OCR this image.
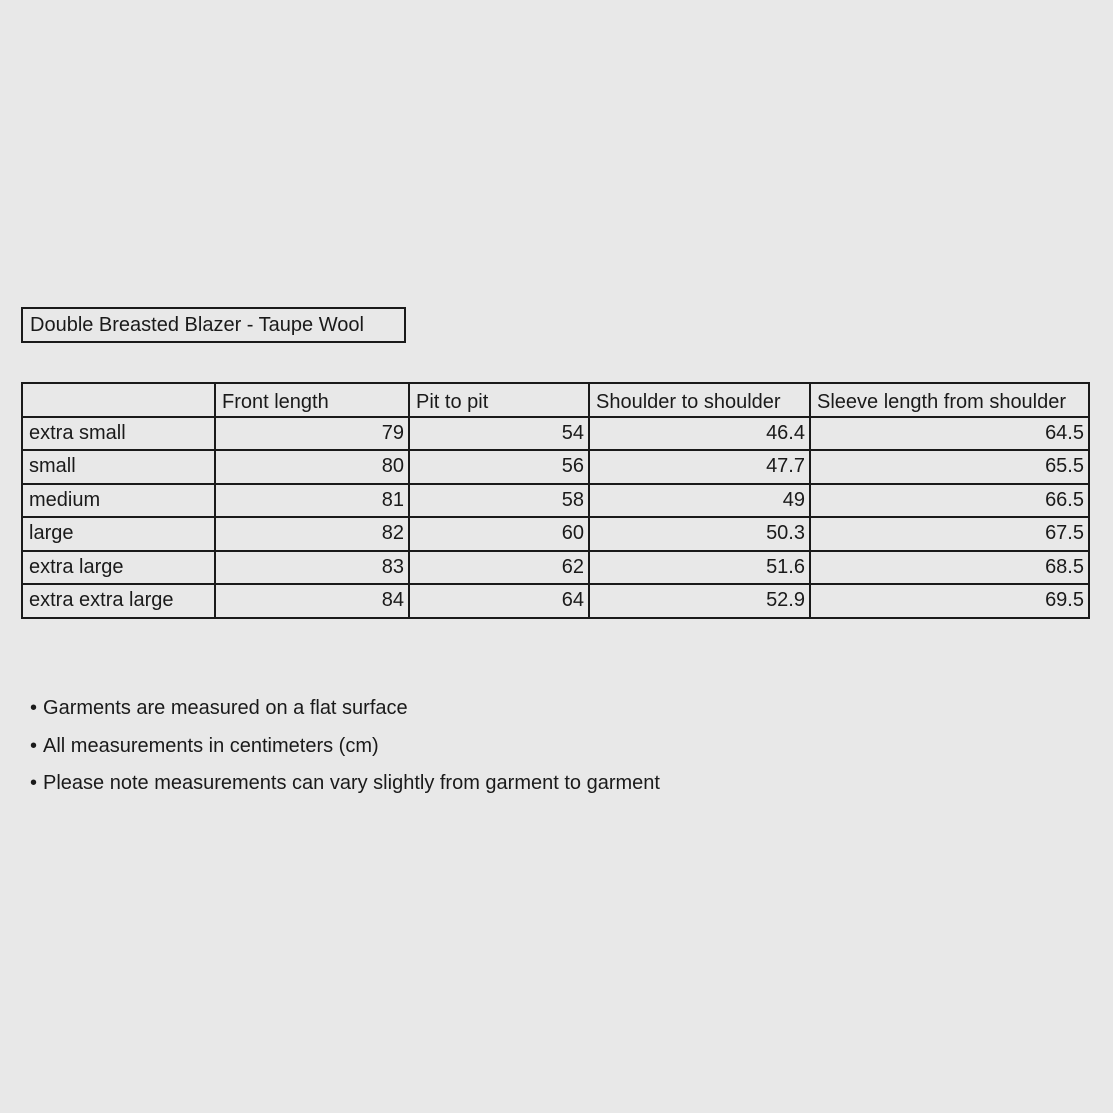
Double Breasted Blazer - Taupe Wool
	Front length	Pit to pit	Shoulder to shoulder	Sleeve length from shoulder
extra small	79	54	46.4	64.5
small	80	56	47.7	65.5
medium	81	58	49	66.5
large	82	60	50.3	67.5
extra large	83	62	51.6	68.5
extra extra large	84	64	52.9	69.5
• Garments are measured on a flat surface
• All measurements in centimeters (cm)
• Please note measurements can vary slightly from garment to garment
